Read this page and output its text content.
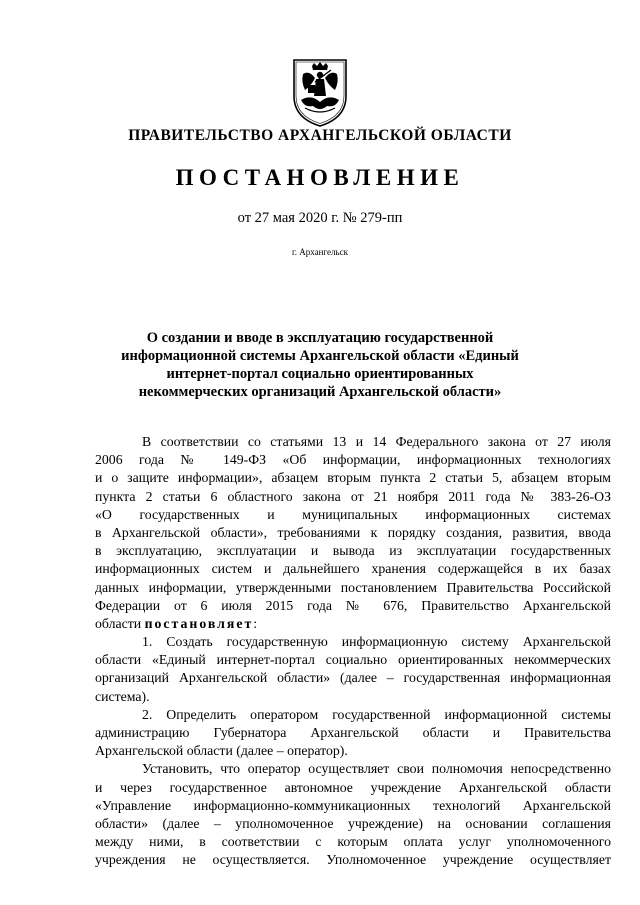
ПРАВИТЕЛЬСТВО АРХАНГЕЛЬСКОЙ ОБЛАСТИ
ПОСТАНОВЛЕНИЕ
от 27 мая 2020 г. № 279-пп
г. Архангельск
О создании и вводе в эксплуатацию государственной
информационной системы Архангельской области «Единый
интернет-портал социально ориентированных
некоммерческих организаций Архангельской области»
В соответствии со статьями 13 и 14 Федерального закона от 27 июля
2006 года № 149-ФЗ «Об информации, информационных технологиях
и о защите информации», абзацем вторым пункта 2 статьи 5, абзацем вторым
пункта 2 статьи 6 областного закона от 21 ноября 2011 года № 383-26-ОЗ
«О государственных и муниципальных информационных системах
в Архангельской области», требованиями к порядку создания, развития, ввода
в эксплуатацию, эксплуатации и вывода из эксплуатации государственных
информационных систем и дальнейшего хранения содержащейся в их базах
данных информации, утвержденными постановлением Правительства Российской
Федерации от 6 июля 2015 года № 676, Правительство Архангельской
области постановляет:
1. Создать государственную информационную систему Архангельской
области «Единый интернет-портал социально ориентированных некоммерческих
организаций Архангельской области» (далее – государственная информационная
система).
2. Определить оператором государственной информационной системы
администрацию Губернатора Архангельской области и Правительства
Архангельской области (далее – оператор).
Установить, что оператор осуществляет свои полномочия непосредственно
и через государственное автономное учреждение Архангельской области
«Управление информационно-коммуникационных технологий Архангельской
области» (далее – уполномоченное учреждение) на основании соглашения
между ними, в соответствии с которым оплата услуг уполномоченного
учреждения не осуществляется. Уполномоченное учреждение осуществляет
